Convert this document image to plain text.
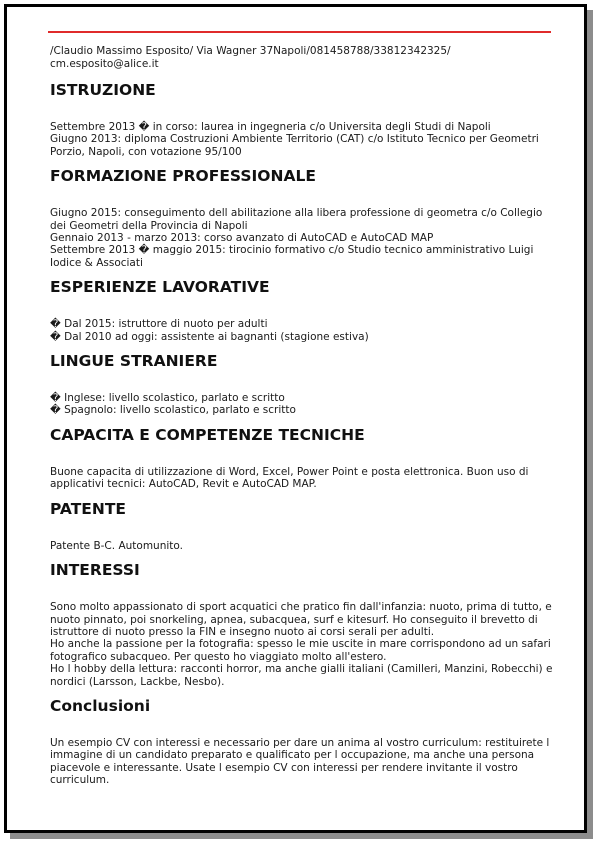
/Claudio Massimo Esposito/ Via Wagner 37Napoli/081458788/33812342325/ cm.esposito@alice.it
ISTRUZIONE
Settembre 2013 � in corso: laurea in ingegneria c/o Universita degli Studi di Napoli
Giugno 2013: diploma Costruzioni Ambiente Territorio (CAT) c/o Istituto Tecnico per Geometri Porzio, Napoli, con votazione 95/100
FORMAZIONE PROFESSIONALE
Giugno 2015: conseguimento dell abilitazione alla libera professione di geometra c/o Collegio dei Geometri della Provincia di Napoli
Gennaio 2013 - marzo 2013: corso avanzato di AutoCAD e AutoCAD MAP
Settembre 2013 � maggio 2015: tirocinio formativo c/o Studio tecnico amministrativo Luigi Iodice & Associati
ESPERIENZE LAVORATIVE
� Dal 2015: istruttore di nuoto per adulti
� Dal 2010 ad oggi: assistente ai bagnanti (stagione estiva)
LINGUE STRANIERE
� Inglese: livello scolastico, parlato e scritto
� Spagnolo: livello scolastico, parlato e scritto
CAPACITA E COMPETENZE TECNICHE
Buone capacita di utilizzazione di Word, Excel, Power Point e posta elettronica. Buon uso di applicativi tecnici: AutoCAD, Revit e AutoCAD MAP.
PATENTE
Patente B-C. Automunito.
INTERESSI
Sono molto appassionato di sport acquatici che pratico fin dall'infanzia: nuoto, prima di tutto, e nuoto pinnato, poi snorkeling, apnea, subacquea, surf e kitesurf. Ho conseguito il brevetto di istruttore di nuoto presso la FIN e insegno nuoto ai corsi serali per adulti.
Ho anche la passione per la fotografia: spesso le mie uscite in mare corrispondono ad un safari fotografico subacqueo. Per questo ho viaggiato molto all'estero.
Ho l hobby della lettura: racconti horror, ma anche gialli italiani (Camilleri, Manzini, Robecchi) e nordici (Larsson, Lackbe, Nesbo).
Conclusioni
Un esempio CV con interessi e necessario per dare un anima al vostro curriculum: restituirete l immagine di un candidato preparato e qualificato per l occupazione, ma anche una persona piacevole e interessante. Usate l esempio CV con interessi per rendere invitante il vostro curriculum.
